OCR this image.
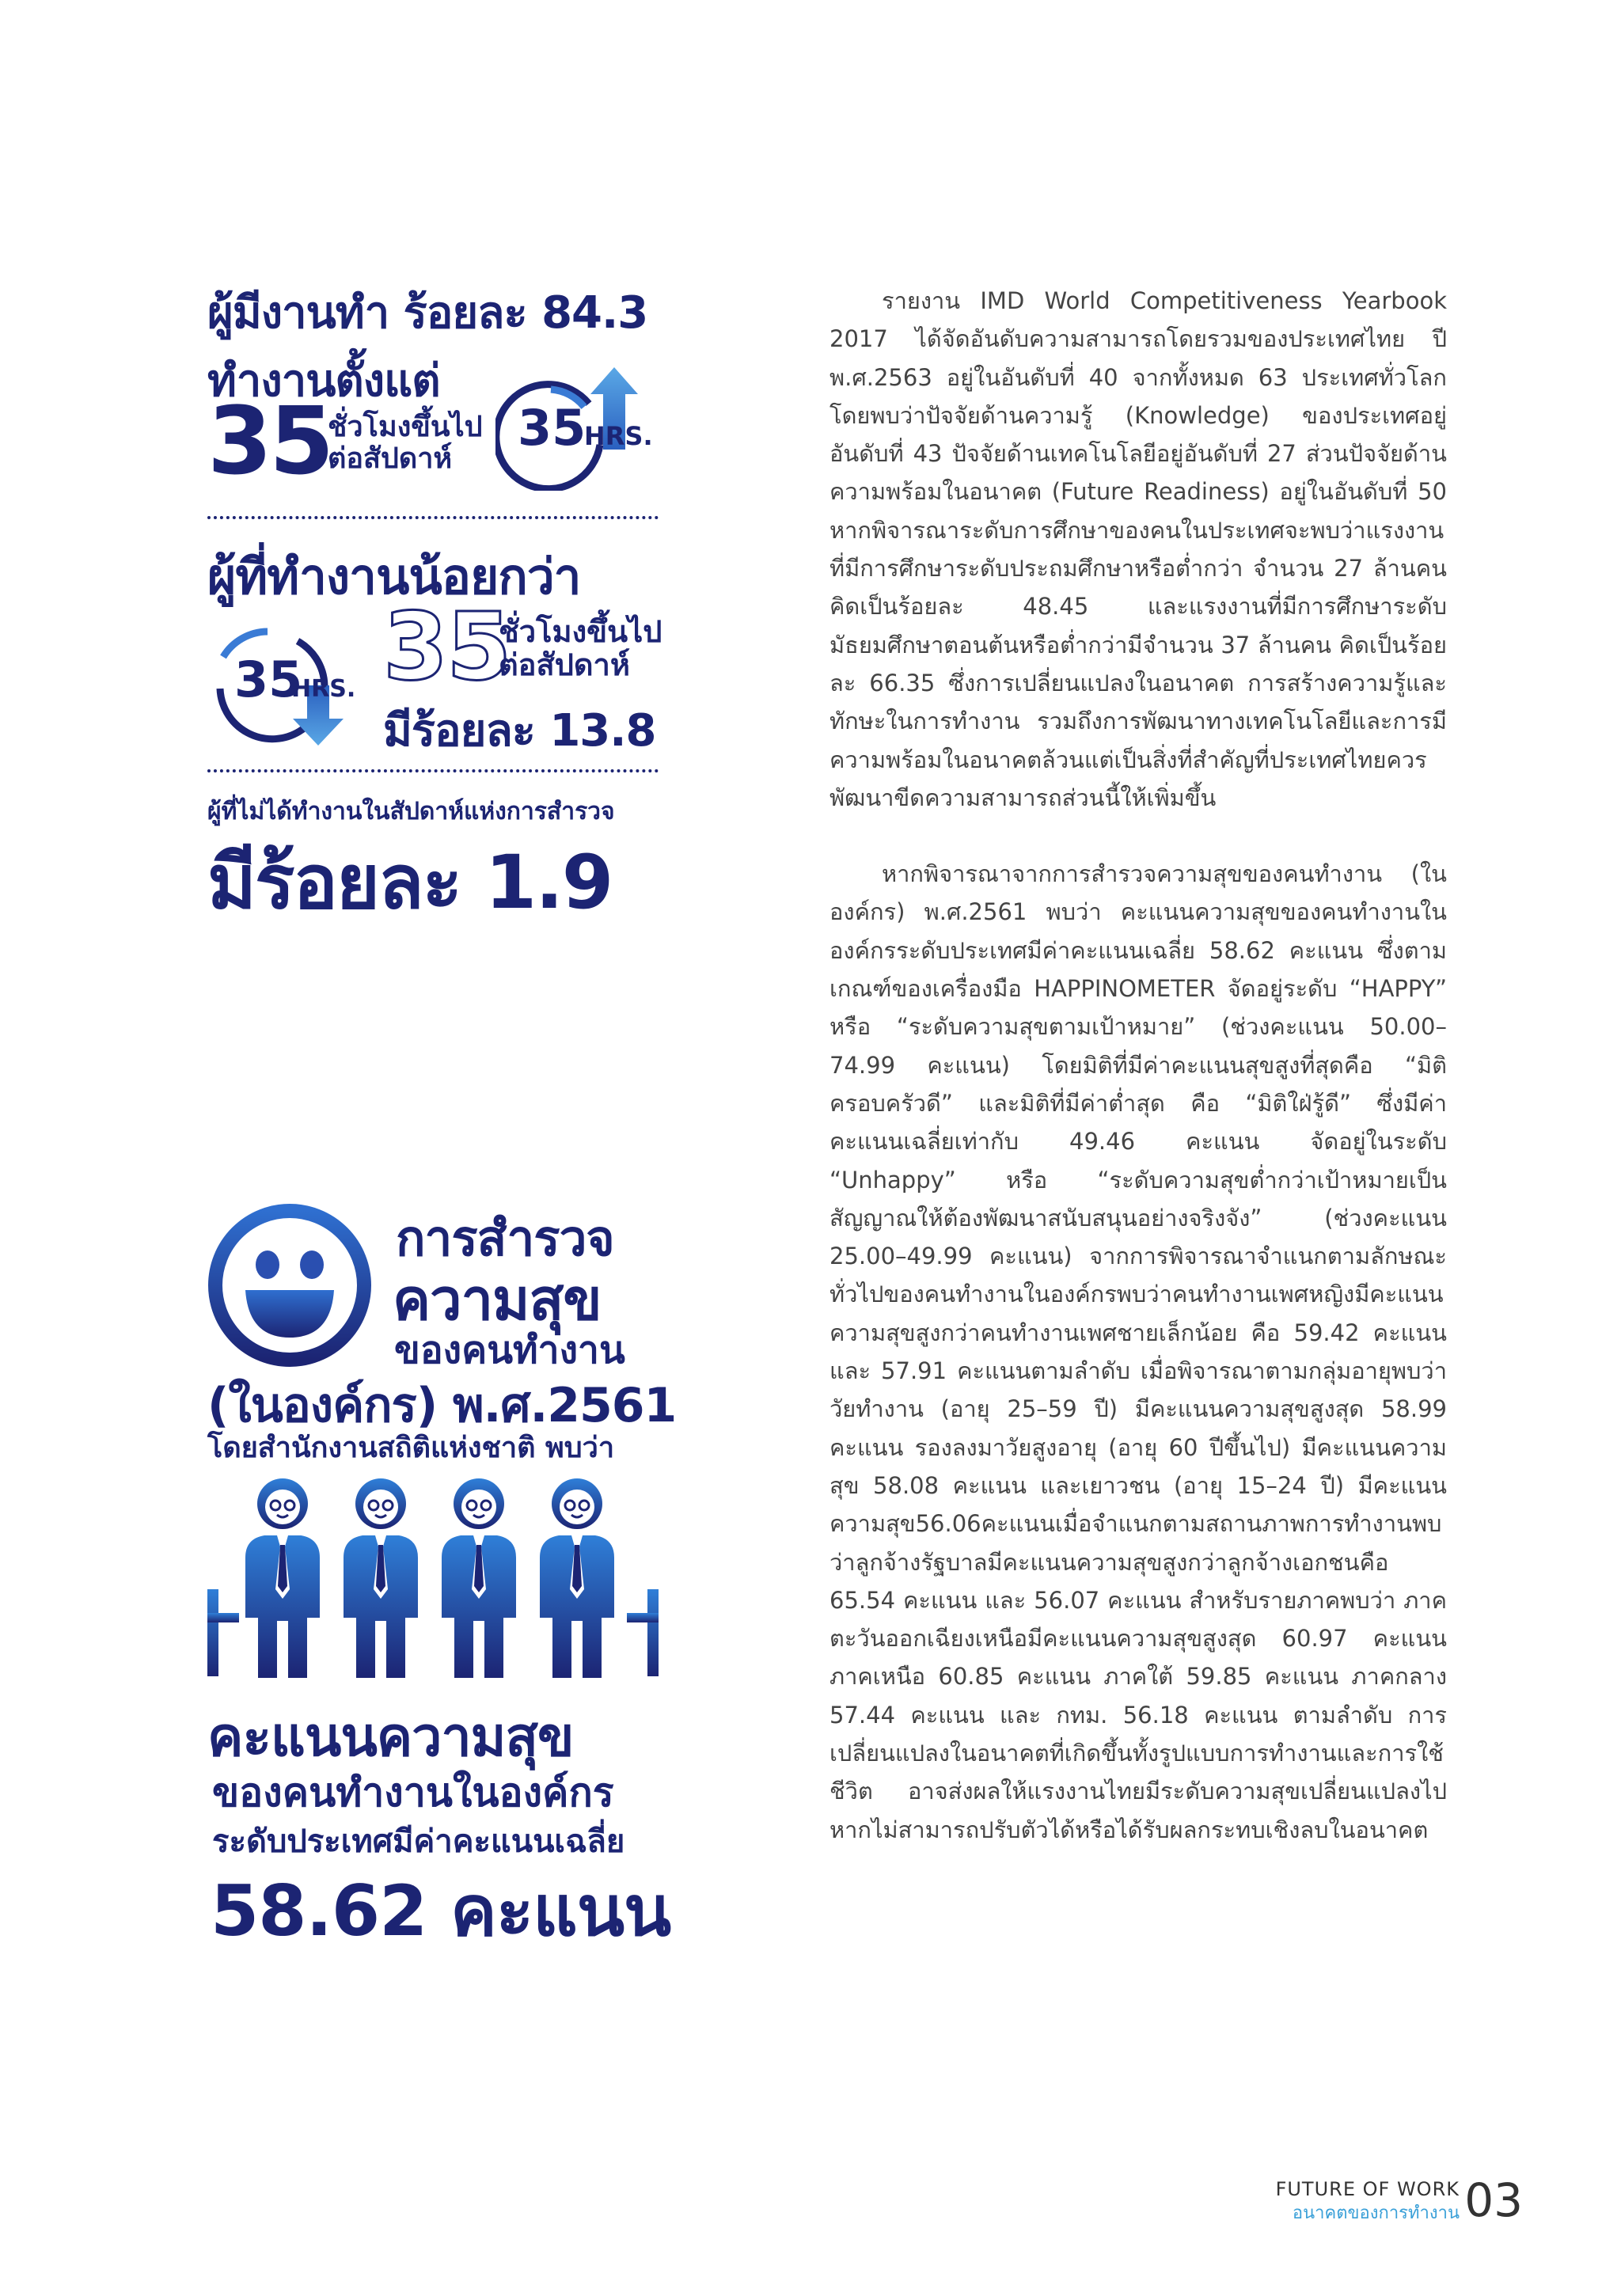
ผู้มีงานทำ ร้อยละ 84.3
ทำงานตั้งแต่
35
ชั่วโมงขึ้นไป
ต่อสัปดาห์
35
HRS.
ผู้ที่ทำงานน้อยกว่า
35
HRS. 35
ชั่วโมงขึ้นไป
ต่อสัปดาห์
มีร้อยละ 13.8
ผู้ที่ไม่ได้ทำงานในสัปดาห์แห่งการสำรวจ
มีร้อยละ 1.9
การสำรวจ
ความสุข
ของคนทำงาน
(ในองค์กร) พ.ศ.2561
โดยสำนักงานสถิติแห่งชาติ พบว่า
คะแนนความสุข
ของคนทำงานในองค์กร
ระดับประเทศมีค่าคะแนนเฉลี่ย
58.62 คะแนน

รายงาน IMD World Competitiveness Yearbook 2017 ได้จัดอันดับความสามารถโดยรวมของประเทศไทย ปี พ.ศ.2563 อยู่ในอันดับที่ 40 จากทั้งหมด 63 ประเทศทั่วโลก โดยพบว่าปัจจัยด้านความรู้ (Knowledge) ของประเทศอยู่อันดับที่ 43 ปัจจัยด้านเทคโนโลยีอยู่อันดับที่ 27 ส่วนปัจจัยด้านความพร้อมในอนาคต (Future Readiness) อยู่ในอันดับที่ 50 หากพิจารณาระดับการศึกษาของคนในประเทศจะพบว่าแรงงานที่มีการศึกษาระดับประถมศึกษาหรือต่ำกว่า จำนวน 27 ล้านคน คิดเป็นร้อยละ 48.45 และแรงงานที่มีการศึกษาระดับมัธยมศึกษาตอนต้นหรือต่ำกว่ามีจำนวน 37 ล้านคน คิดเป็นร้อยละ 66.35 ซึ่งการเปลี่ยนแปลงในอนาคต การสร้างความรู้และทักษะในการทำงาน รวมถึงการพัฒนาทางเทคโนโลยีและการมีความพร้อมในอนาคตล้วนแต่เป็นสิ่งที่สำคัญที่ประเทศไทยควรพัฒนาขีดความสามารถส่วนนี้ให้เพิ่มขึ้น

หากพิจารณาจากการสำรวจความสุขของคนทำงาน (ในองค์กร) พ.ศ.2561 พบว่า คะแนนความสุขของคนทำงานในองค์กรระดับประเทศมีค่าคะแนนเฉลี่ย 58.62 คะแนน ซึ่งตามเกณฑ์ของเครื่องมือ HAPPINOMETER จัดอยู่ระดับ “HAPPY” หรือ “ระดับความสุขตามเป้าหมาย” (ช่วงคะแนน 50.00–74.99 คะแนน) โดยมิติที่มีค่าคะแนนสุขสูงที่สุดคือ “มิติครอบครัวดี” และมิติที่มีค่าต่ำสุด คือ “มิติใฝ่รู้ดี” ซึ่งมีค่าคะแนนเฉลี่ยเท่ากับ 49.46 คะแนน จัดอยู่ในระดับ “Unhappy” หรือ “ระดับความสุขต่ำกว่าเป้าหมายเป็นสัญญาณให้ต้องพัฒนาสนับสนุนอย่างจริงจัง” (ช่วงคะแนน 25.00–49.99 คะแนน) จากการพิจารณาจำแนกตามลักษณะทั่วไปของคนทำงานในองค์กรพบว่าคนทำงานเพศหญิงมีคะแนนความสุขสูงกว่าคนทำงานเพศชายเล็กน้อย คือ 59.42 คะแนน และ 57.91 คะแนนตามลำดับ เมื่อพิจารณาตามกลุ่มอายุพบว่าวัยทำงาน (อายุ 25–59 ปี) มีคะแนนความสุขสูงสุด 58.99 คะแนน รองลงมาวัยสูงอายุ (อายุ 60 ปีขึ้นไป) มีคะแนนความสุข 58.08 คะแนน และเยาวชน (อายุ 15–24 ปี) มีคะแนนความสุข56.06คะแนนเมื่อจำแนกตามสถานภาพการทำงานพบว่าลูกจ้างรัฐบาลมีคะแนนความสุขสูงกว่าลูกจ้างเอกชนคือ 65.54 คะแนน และ 56.07 คะแนน สำหรับรายภาคพบว่า ภาคตะวันออกเฉียงเหนือมีคะแนนความสุขสูงสุด 60.97 คะแนน ภาคเหนือ 60.85 คะแนน ภาคใต้ 59.85 คะแนน ภาคกลาง 57.44 คะแนน และ กทม. 56.18 คะแนน ตามลำดับ การเปลี่ยนแปลงในอนาคตที่เกิดขึ้นทั้งรูปแบบการทำงานและการใช้ชีวิต อาจส่งผลให้แรงงานไทยมีระดับความสุขเปลี่ยนแปลงไป หากไม่สามารถปรับตัวได้หรือได้รับผลกระทบเชิงลบในอนาคต

FUTURE OF WORK
อนาคตของการทำงาน 03
